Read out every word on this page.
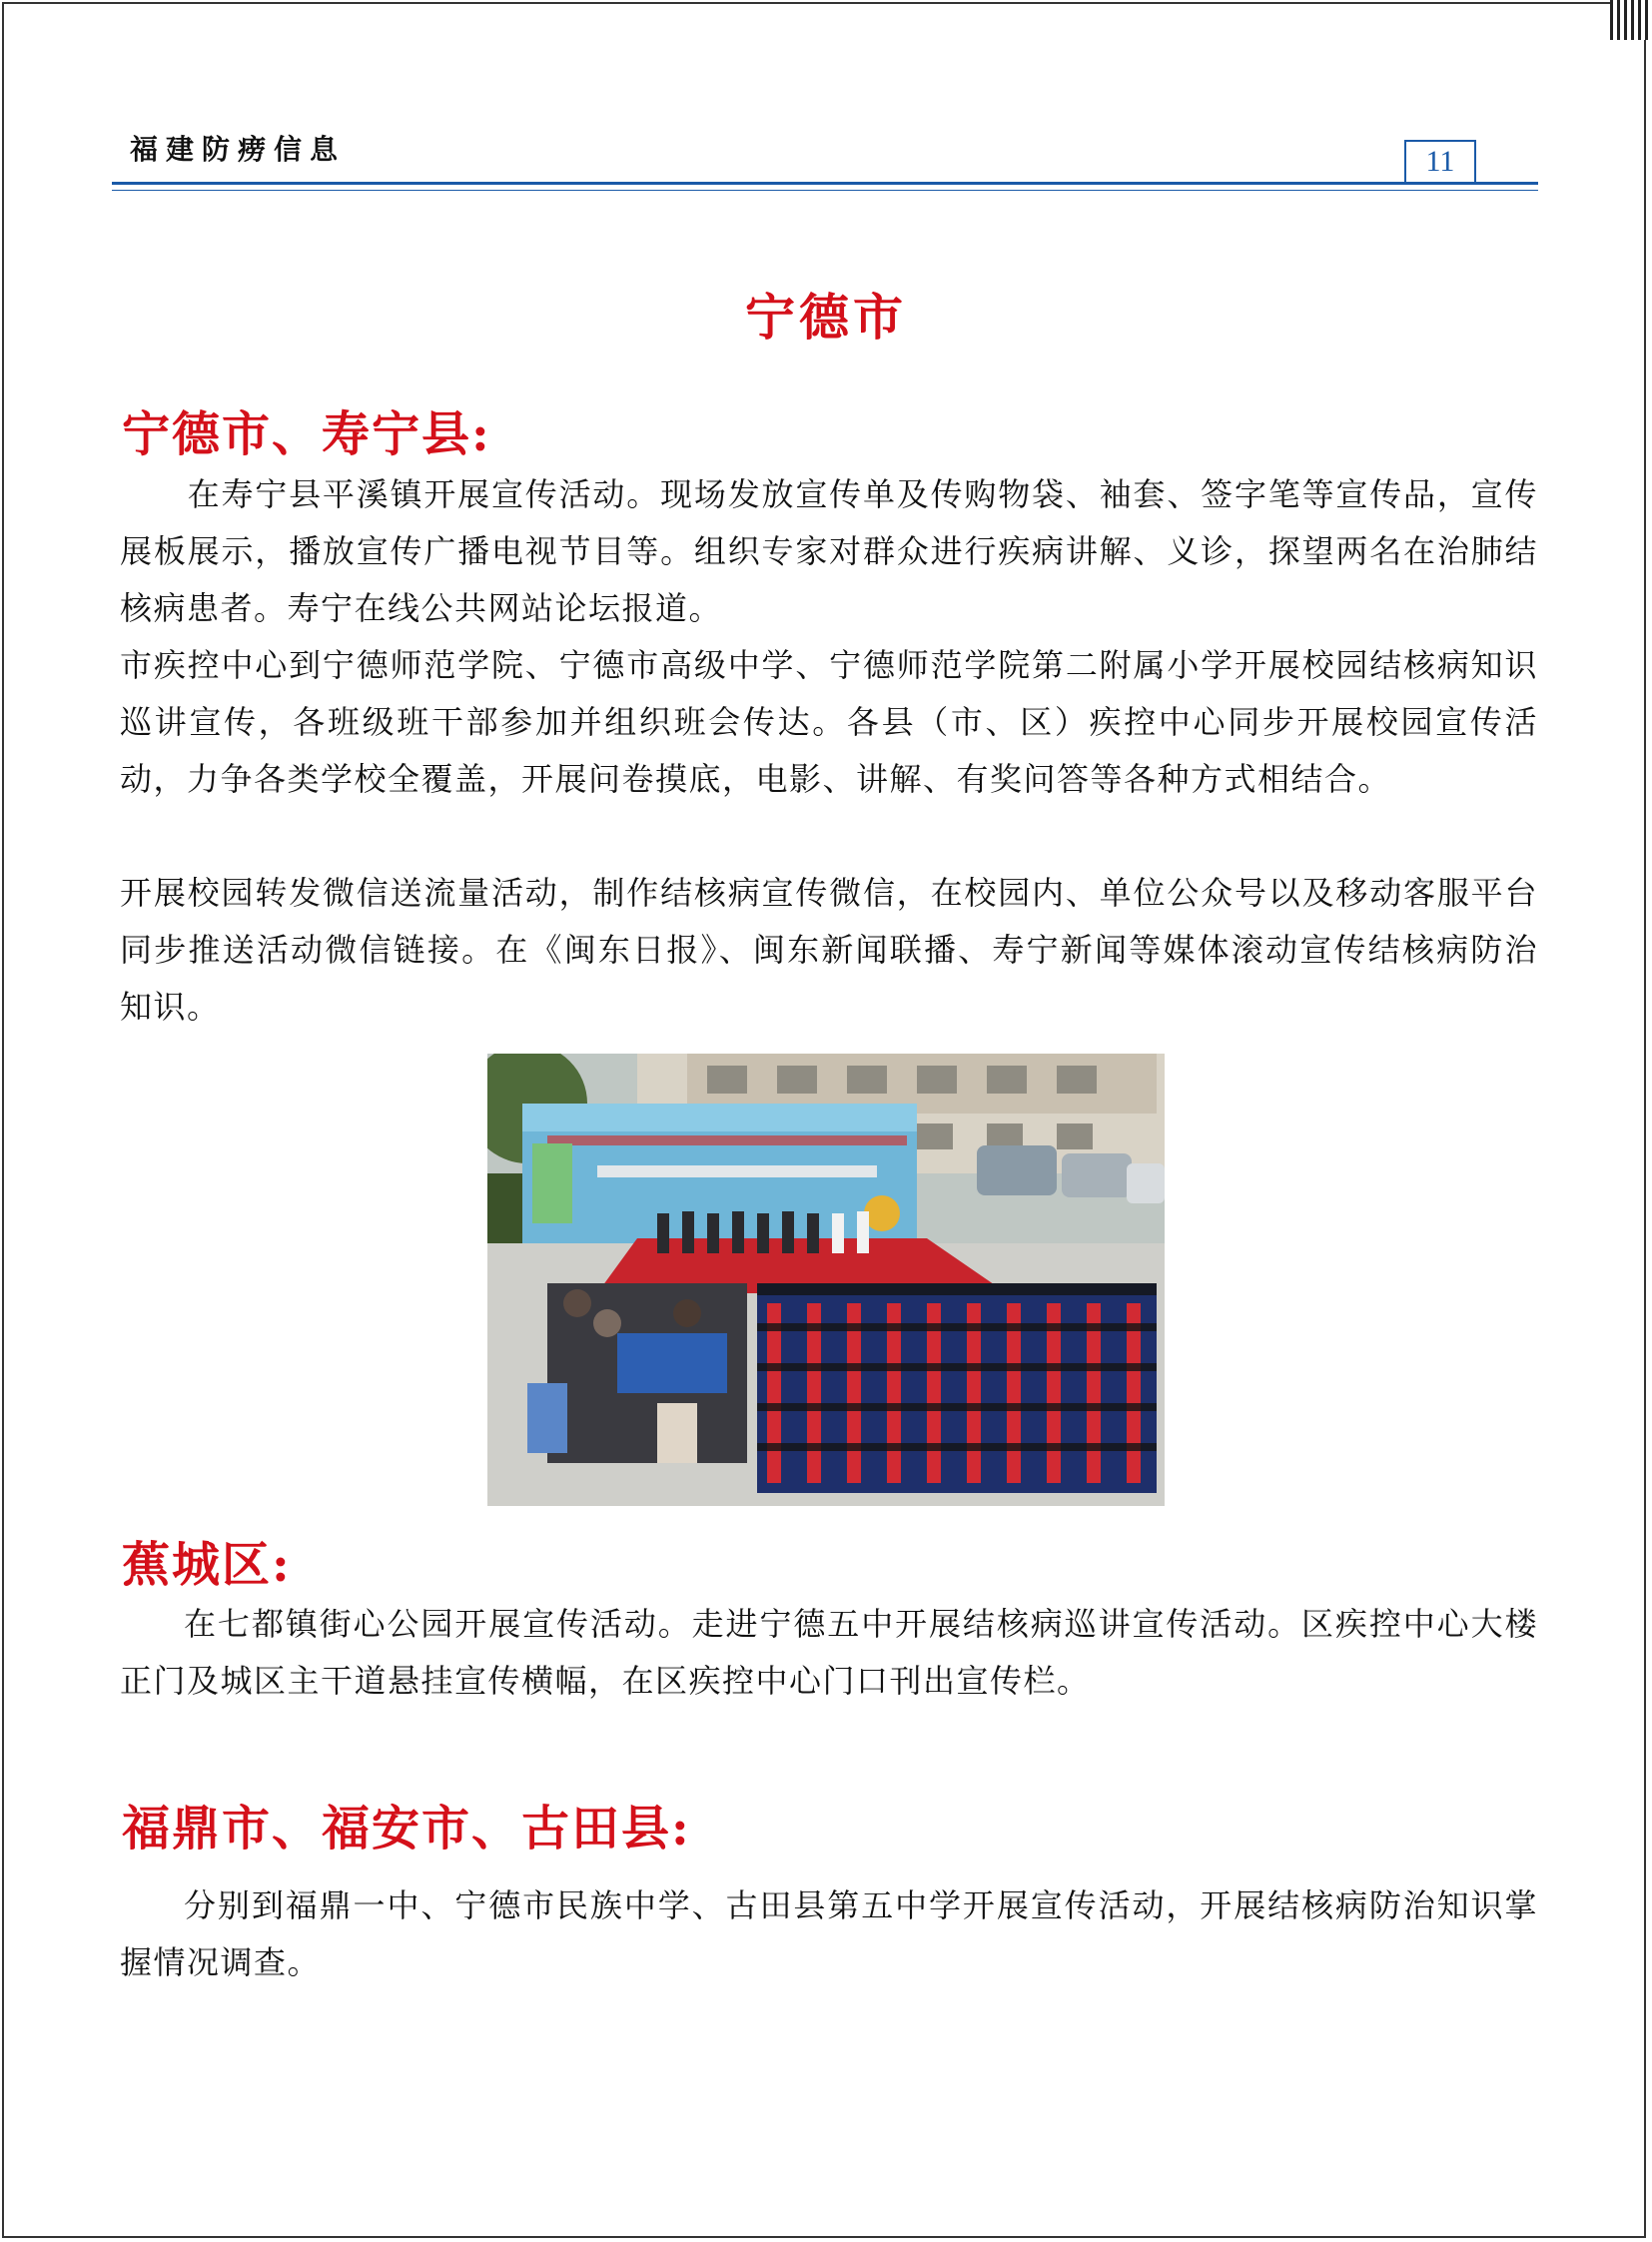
福建防痨信息	11
宁德市
宁德市、寿宁县:

　　在寿宁县平溪镇开展宣传活动。现场发放宣传单及传购物袋、袖套、签字笔等宣传品，宣传展板展示，播放宣传广播电视节目等。组织专家对群众进行疾病讲解、义诊，探望两名在治肺结核病患者。寿宁在线公共网站论坛报道。

市疾控中心到宁德师范学院、宁德市高级中学、宁德师范学院第二附属小学开展校园结核病知识巡讲宣传，各班级班干部参加并组织班会传达。各县（市、区）疾控中心同步开展校园宣传活动，力争各类学校全覆盖，开展问卷摸底，电影、讲解、有奖问答等各种方式相结合。

开展校园转发微信送流量活动，制作结核病宣传微信，在校园内、单位公众号以及移动客服平台同步推送活动微信链接。在《闽东日报》、闽东新闻联播、寿宁新闻等媒体滚动宣传结核病防治知识。

蕉城区:

在七都镇街心公园开展宣传活动。走进宁德五中开展结核病巡讲宣传活动。区疾控中心大楼正门及城区主干道悬挂宣传横幅，在区疾控中心门口刊出宣传栏。

福鼎市、福安市、古田县:

分别到福鼎一中、宁德市民族中学、古田县第五中学开展宣传活动，开展结核病防治知识掌握情况调查。
